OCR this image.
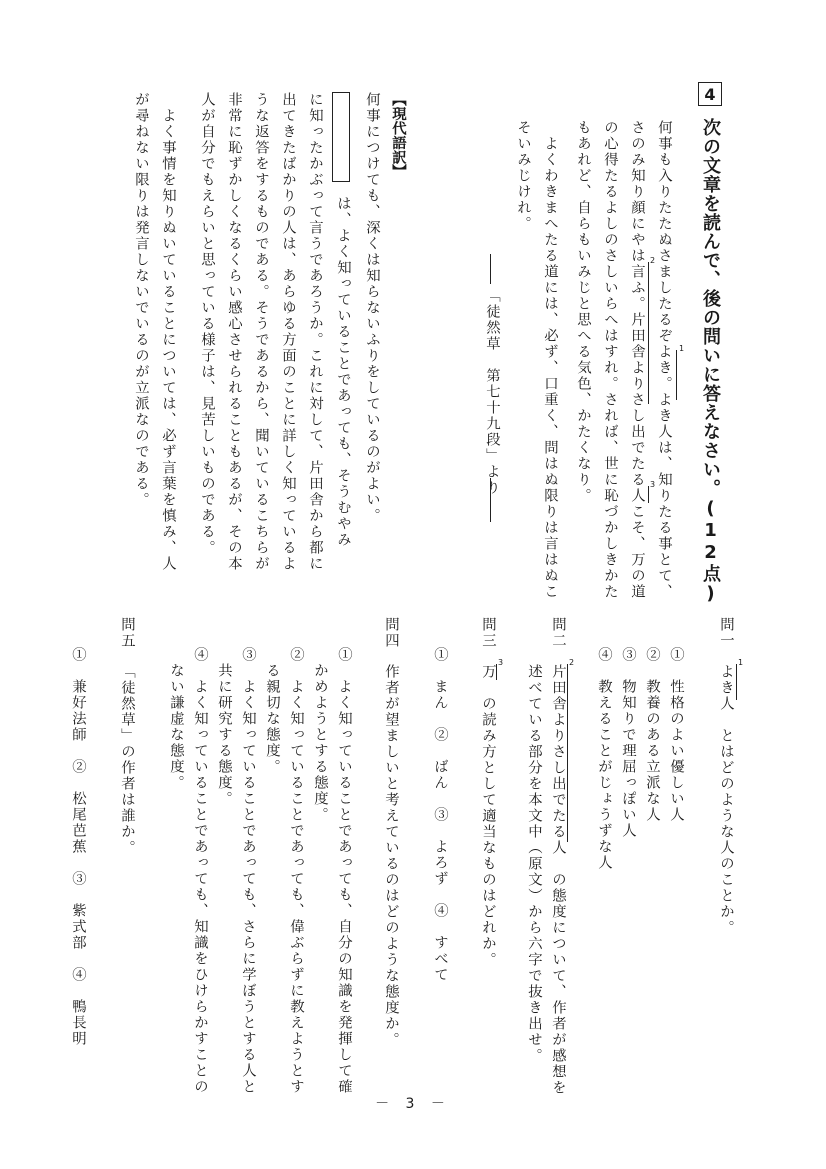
4
次の文章を読んで、後の問いに答えなさい。(12点)
何事も入りたたぬさましたるぞよき。よき人は、知りたる事とて、
さのみ知り顔にやは言ふ。片田舎よりさし出でたる人こそ、万の道
の心得たるよしのさしいらへはすれ。されば、世に恥づかしきかた
もあれど、自らもいみじと思へる気色、かたくなり。
よくわきまへたる道には、必ず、口重く、問はぬ限りは言はぬこ
そいみじけれ。
1
2
3
「徒然草　第七十九段」より
【現代語訳】
何事につけても、深くは知らないふりをしているのがよい。
は、よく知っていることであっても、そうむやみ
に知ったかぶって言うであろうか。これに対して、片田舎から都に
出てきたばかりの人は、あらゆる方面のことに詳しく知っているよ
うな返答をするものである。そうであるから、聞いているこちらが
非常に恥ずかしくなるくらい感心させられることもあるが、その本
人が自分でもえらいと思っている様子は、見苦しいものである。
よく事情を知りぬいていることについては、必ず言葉を慎み、人
が尋ねない限りは発言しないでいるのが立派なのである。
問一
よき人　とはどのような人のことか。
1
①　性格のよい優しい人
②　教養のある立派な人
③　物知りで理屈っぽい人
④　教えることがじょうずな人
問二
片田舎よりさし出でたる人　の態度について、作者が感想を
2
述べている部分を本文中（原文）から六字で抜き出せ。
問三
万　の読み方として適当なものはどれか。
3
①　まん　②　ばん　③　よろず　④　すべて
問四
作者が望ましいと考えているのはどのような態度か。
①　よく知っていることであっても、自分の知識を発揮して確
かめようとする態度。
②　よく知っていることであっても、偉ぶらずに教えようとす
る親切な態度。
③　よく知っていることであっても、さらに学ぼうとする人と
共に研究する態度。
④　よく知っていることであっても、知識をひけらかすことの
ない謙虚な態度。
問五
「徒然草」の作者は誰か。
①　兼好法師　②　松尾芭蕉　③　紫式部　④　鴨長明
－ 3 －
